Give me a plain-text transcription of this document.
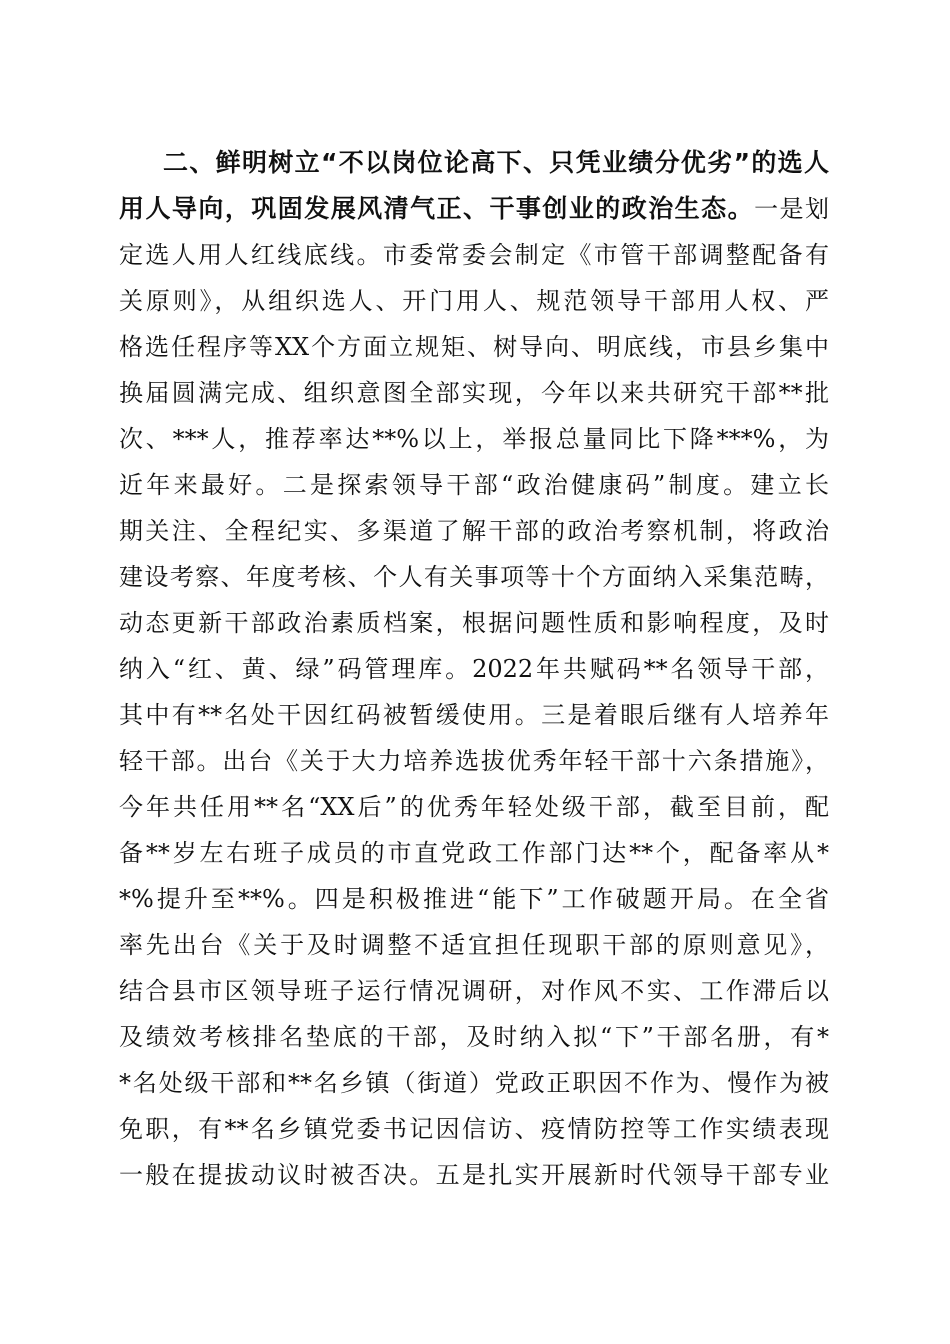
二、鲜明树立“不以岗位论高下、只凭业绩分优劣”的选人
用人导向，巩固发展风清气正、干事创业的政治生态。一是划
定选人用人红线底线。市委常委会制定《市管干部调整配备有
关原则》，从组织选人、开门用人、规范领导干部用人权、严
格选任程序等XX个方面立规矩、树导向、明底线，市县乡集中
换届圆满完成、组织意图全部实现，今年以来共研究干部**批
次、***人，推荐率达**%以上，举报总量同比下降***%，为
近年来最好。二是探索领导干部“政治健康码”制度。建立长
期关注、全程纪实、多渠道了解干部的政治考察机制，将政治
建设考察、年度考核、个人有关事项等十个方面纳入采集范畴，
动态更新干部政治素质档案，根据问题性质和影响程度，及时
纳入“红、黄、绿”码管理库。2022年共赋码**名领导干部，
其中有**名处干因红码被暂缓使用。三是着眼后继有人培养年
轻干部。出台《关于大力培养选拔优秀年轻干部十六条措施》，
今年共任用**名“XX后”的优秀年轻处级干部，截至目前，配
备**岁左右班子成员的市直党政工作部门达**个，配备率从*
*%提升至**%。四是积极推进“能下”工作破题开局。在全省
率先出台《关于及时调整不适宜担任现职干部的原则意见》，
结合县市区领导班子运行情况调研，对作风不实、工作滞后以
及绩效考核排名垫底的干部，及时纳入拟“下”干部名册，有*
*名处级干部和**名乡镇（街道）党政正职因不作为、慢作为被
免职，有**名乡镇党委书记因信访、疫情防控等工作实绩表现
一般在提拔动议时被否决。五是扎实开展新时代领导干部专业
